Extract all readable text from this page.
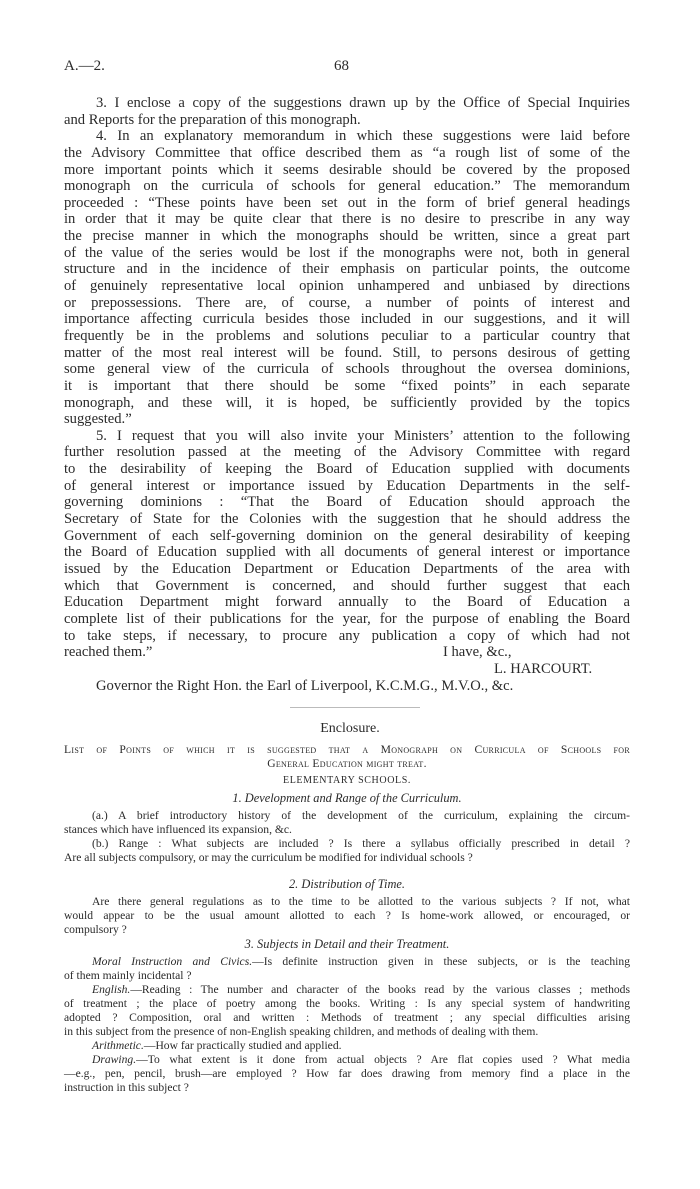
A.—2.	68
3. I enclose a copy of the suggestions drawn up by the Office of Special Inquiries
and Reports for the preparation of this monograph.
4. In an explanatory memorandum in which these suggestions were laid before
the Advisory Committee that office described them as “a rough list of some of the
more important points which it seems desirable should be covered by the proposed
monograph on the curricula of schools for general education.” The memorandum
proceeded : “These points have been set out in the form of brief general headings
in order that it may be quite clear that there is no desire to prescribe in any way
the precise manner in which the monographs should be written, since a great part
of the value of the series would be lost if the monographs were not, both in general
structure and in the incidence of their emphasis on particular points, the outcome
of genuinely representative local opinion unhampered and unbiased by directions
or prepossessions. There are, of course, a number of points of interest and
importance affecting curricula besides those included in our suggestions, and it will
frequently be in the problems and solutions peculiar to a particular country that
matter of the most real interest will be found. Still, to persons desirous of getting
some general view of the curricula of schools throughout the oversea dominions,
it is important that there should be some “fixed points” in each separate
monograph, and these will, it is hoped, be sufficiently provided by the topics
suggested.”
5. I request that you will also invite your Ministers’ attention to the following
further resolution passed at the meeting of the Advisory Committee with regard
to the desirability of keeping the Board of Education supplied with documents
of general interest or importance issued by Education Departments in the self-
governing dominions : “That the Board of Education should approach the
Secretary of State for the Colonies with the suggestion that he should address the
Government of each self-governing dominion on the general desirability of keeping
the Board of Education supplied with all documents of general interest or importance
issued by the Education Department or Education Departments of the area with
which that Government is concerned, and should further suggest that each
Education Department might forward annually to the Board of Education a
complete list of their publications for the year, for the purpose of enabling the Board
to take steps, if necessary, to procure any publication a copy of which had not
reached them.”	I have, &c.,
L. HARCOURT.
Governor the Right Hon. the Earl of Liverpool, K.C.M.G., M.V.O., &c.
Enclosure.
List of Points of which it is suggested that a Monograph on Curricula of Schools for
General Education might treat.
ELEMENTARY SCHOOLS.
1. Development and Range of the Curriculum.
(a.) A brief introductory history of the development of the curriculum, explaining the circum-
stances which have influenced its expansion, &c.
(b.) Range : What subjects are included ? Is there a syllabus officially prescribed in detail ?
Are all subjects compulsory, or may the curriculum be modified for individual schools ?
2. Distribution of Time.
Are there general regulations as to the time to be allotted to the various subjects ? If not, what
would appear to be the usual amount allotted to each ? Is home-work allowed, or encouraged, or
compulsory ?
3. Subjects in Detail and their Treatment.
Moral Instruction and Civics.—Is definite instruction given in these subjects, or is the teaching
of them mainly incidental ?
English.—Reading : The number and character of the books read by the various classes ; methods
of treatment ; the place of poetry among the books. Writing : Is any special system of handwriting
adopted ? Composition, oral and written : Methods of treatment ; any special difficulties arising
in this subject from the presence of non-English speaking children, and methods of dealing with them.
Arithmetic.—How far practically studied and applied.
Drawing.—To what extent is it done from actual objects ? Are flat copies used ? What media
—e.g., pen, pencil, brush—are employed ? How far does drawing from memory find a place in the
instruction in this subject ?
